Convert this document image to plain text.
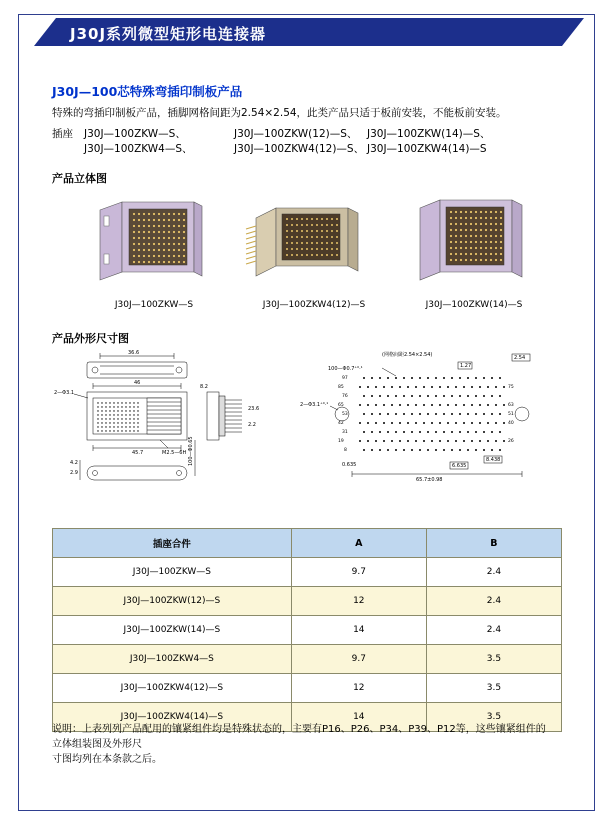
J30J系列微型矩形电连接器
J30J—100芯特殊弯插印制板产品
特殊的弯插印制板产品，插脚网格间距为2.54×2.54，此类产品只适于板前安装，不能板前安装。
插座 J30J—100ZKW—S、	J30J—100ZKW(12)—S、 J30J—100ZKW(14)—S、
J30J—100ZKW4—S、	J30J—100ZKW4(12)—S、 J30J—100ZKW4(14)—S
产品立体图
J30J—100ZKW—S	J30J—100ZKW4(12)—S	J30J—100ZKW(14)—S
产品外形尺寸图
36.6
46
2—Φ3.1
45.7	M2.5—6H
2.9
4.2
8.2
23.6
2.2
100—Φ0.65
(网格间距2.54×2.54)
97
85
76
65
53
42
31
19
8
75
63
51
40
26
100—Φ0.7⁺⁰·¹	1.27
2.54
2—Φ3.1⁺⁰·¹
6.635
8.438
65.7±0.98
0.635
插座合件	A	B
J30J—100ZKW—S	9.7	2.4
J30J—100ZKW(12)—S	12	2.4
J30J—100ZKW(14)—S	14	2.4
J30J—100ZKW4—S	9.7	3.5
J30J—100ZKW4(12)—S	12	3.5
J30J—100ZKW4(14)—S	14	3.5
说明：上表列列产品配用的镶紧组件均是特殊状态的，主要有P16、P26、P34、P39、P12等，这些镶紧组件的立体组装图及外形尺
寸图均列在本条款之后。
